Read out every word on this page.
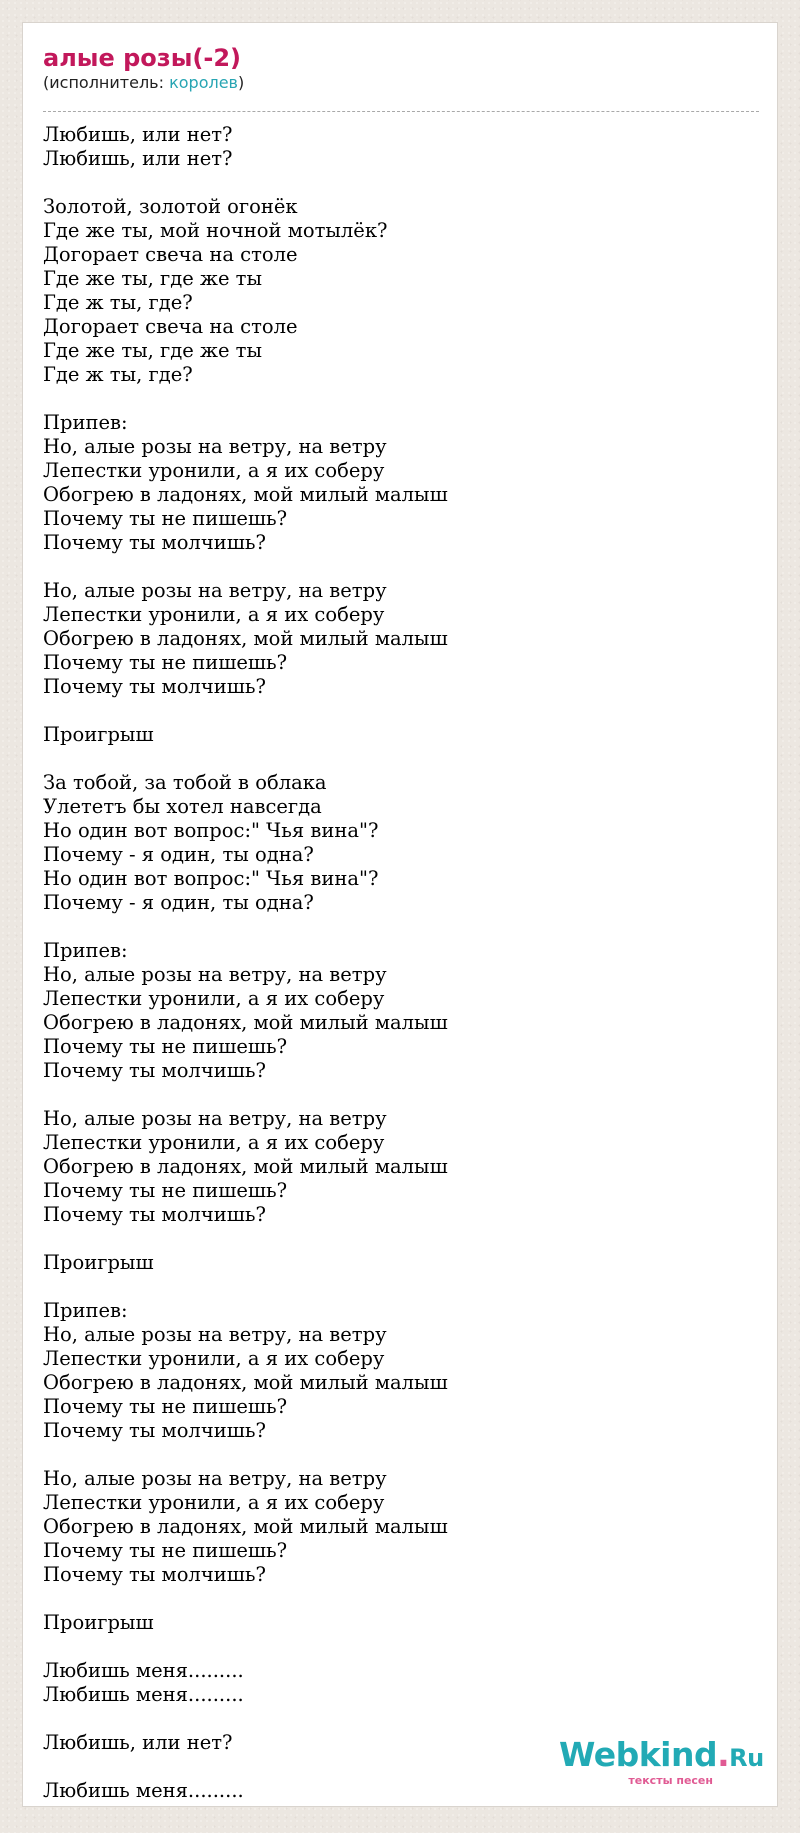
алые розы(-2)
(исполнитель: королев)
Любишь, или нет?
Любишь, или нет?
Золотой, золотой огонёк
Где же ты, мой ночной мотылёк?
Догорает свеча на столе
Где же ты, где же ты
Где ж ты, где?
Догорает свеча на столе
Где же ты, где же ты
Где ж ты, где?
Припев:
Но, алые розы на ветру, на ветру
Лепестки уронили, а я их соберу
Обогрею в ладонях, мой милый малыш
Почему ты не пишешь?
Почему ты молчишь?
Но, алые розы на ветру, на ветру
Лепестки уронили, а я их соберу
Обогрею в ладонях, мой милый малыш
Почему ты не пишешь?
Почему ты молчишь?
Проигрыш
За тобой, за тобой в облака
Улететъ бы хотел навсегда
Но один вот вопрос:" Чья вина"?
Почему - я один, ты одна?
Но один вот вопрос:" Чья вина"?
Почему - я один, ты одна?
Припев:
Но, алые розы на ветру, на ветру
Лепестки уронили, а я их соберу
Обогрею в ладонях, мой милый малыш
Почему ты не пишешь?
Почему ты молчишь?
Но, алые розы на ветру, на ветру
Лепестки уронили, а я их соберу
Обогрею в ладонях, мой милый малыш
Почему ты не пишешь?
Почему ты молчишь?
Проигрыш
Припев:
Но, алые розы на ветру, на ветру
Лепестки уронили, а я их соберу
Обогрею в ладонях, мой милый малыш
Почему ты не пишешь?
Почему ты молчишь?
Но, алые розы на ветру, на ветру
Лепестки уронили, а я их соберу
Обогрею в ладонях, мой милый малыш
Почему ты не пишешь?
Почему ты молчишь?
Проигрыш
Любишь меня.........
Любишь меня.........
Любишь, или нет?
Любишь меня.........
Webkind.Ru
тексты песен
